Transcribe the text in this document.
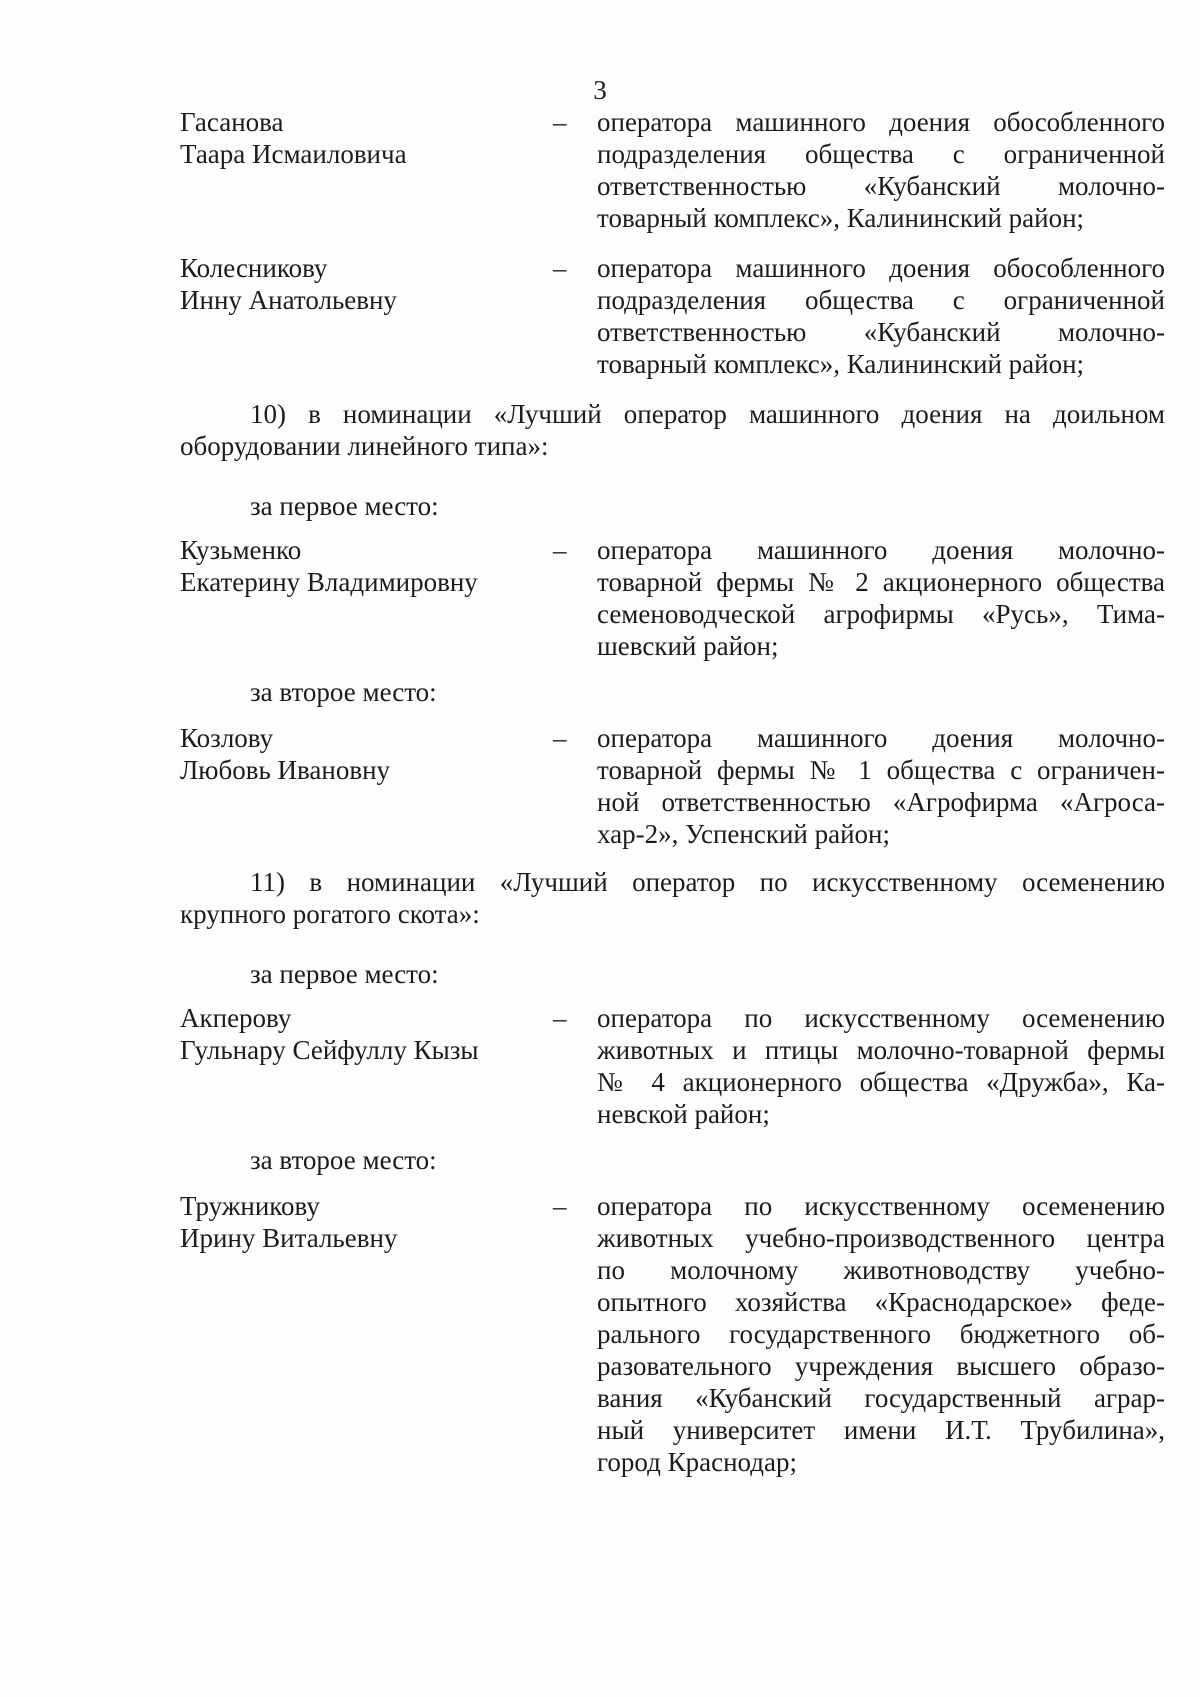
3
Гасанова
Таара Исмаиловича
– оператора машинного доения обособленного
подразделения общества с ограниченной
ответственностью «Кубанский молочно-
товарный комплекс», Калининский район;
Колесникову
Инну Анатольевну
– оператора машинного доения обособленного
подразделения общества с ограниченной
ответственностью «Кубанский молочно-
товарный комплекс», Калининский район;
10) в номинации «Лучший оператор машинного доения на доильном
оборудовании линейного типа»:
за первое место:
Кузьменко
Екатерину Владимировну
– оператора машинного доения молочно-
товарной фермы № 2 акционерного общества
семеноводческой агрофирмы «Русь», Тима-
шевский район;
за второе место:
Козлову
Любовь Ивановну
– оператора машинного доения молочно-
товарной фермы № 1 общества с ограничен-
ной ответственностью «Агрофирма «Агроса-
хар-2», Успенский район;
11) в номинации «Лучший оператор по искусственному осеменению
крупного рогатого скота»:
за первое место:
Акперову
Гульнару Сейфуллу Кызы
– оператора по искусственному осеменению
животных и птицы молочно-товарной фермы
№ 4 акционерного общества «Дружба», Ка-
невской район;
за второе место:
Тружникову
Ирину Витальевну
– оператора по искусственному осеменению
животных учебно-производственного центра
по молочному животноводству учебно-
опытного хозяйства «Краснодарское» феде-
рального государственного бюджетного об-
разовательного учреждения высшего образо-
вания «Кубанский государственный аграр-
ный университет имени И.Т. Трубилина»,
город Краснодар;
